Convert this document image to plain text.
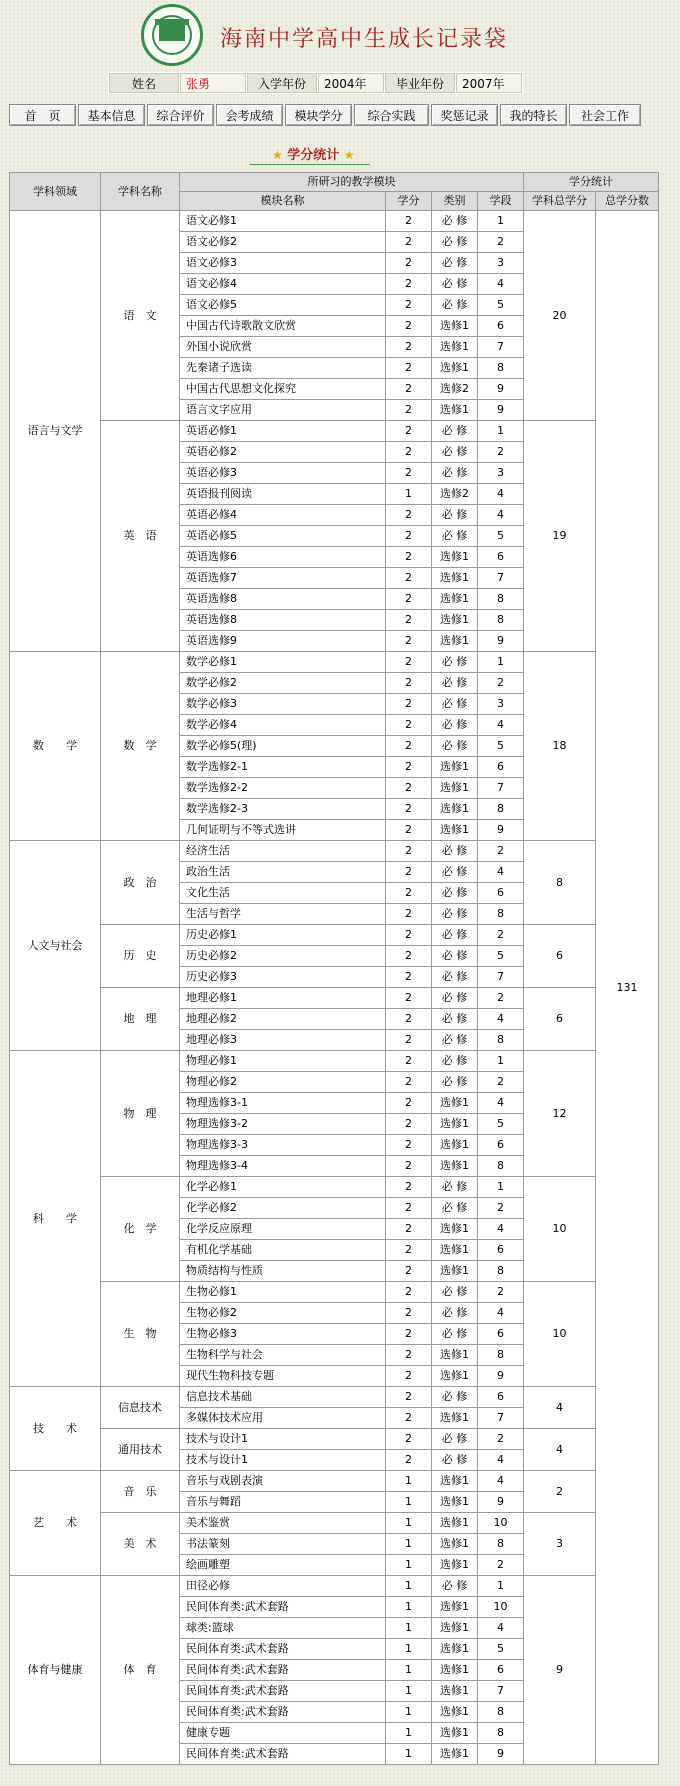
海南中学高中生成长记录袋
姓名	张勇	入学年份	2004年	毕业年份	2007年
首　页	基本信息	综合评价	会考成绩	模块学分	综合实践	奖惩记录	我的特长	社会工作
★ 学分统计 ★
学科领域	学科名称	所研习的教学模块				学分统计	
		模块名称	学分	类别	学段	学科总学分	总学分数
语言与文学	语　文	语文必修1	2	必 修	1	20	131
		语文必修2	2	必 修	2		
		语文必修3	2	必 修	3		
		语文必修4	2	必 修	4		
		语文必修5	2	必 修	5		
		中国古代诗歌散文欣赏	2	选修1	6		
		外国小说欣赏	2	选修1	7		
		先秦诸子选读	2	选修1	8		
		中国古代思想文化探究	2	选修2	9		
		语言文字应用	2	选修1	9		
	英　语	英语必修1	2	必 修	1	19	
		英语必修2	2	必 修	2		
		英语必修3	2	必 修	3		
		英语报刊阅读	1	选修2	4		
		英语必修4	2	必 修	4		
		英语必修5	2	必 修	5		
		英语选修6	2	选修1	6		
		英语选修7	2	选修1	7		
		英语选修8	2	选修1	8		
		英语选修8	2	选修1	8		
		英语选修9	2	选修1	9		
数　　学	数　学	数学必修1	2	必 修	1	18	
		数学必修2	2	必 修	2		
		数学必修3	2	必 修	3		
		数学必修4	2	必 修	4		
		数学必修5(理)	2	必 修	5		
		数学选修2-1	2	选修1	6		
		数学选修2-2	2	选修1	7		
		数学选修2-3	2	选修1	8		
		几何证明与不等式选讲	2	选修1	9		
人文与社会	政　治	经济生活	2	必 修	2	8	
		政治生活	2	必 修	4		
		文化生活	2	必 修	6		
		生活与哲学	2	必 修	8		
	历　史	历史必修1	2	必 修	2	6	
		历史必修2	2	必 修	5		
		历史必修3	2	必 修	7		
	地　理	地理必修1	2	必 修	2	6	
		地理必修2	2	必 修	4		
		地理必修3	2	必 修	8		
科　　学	物　理	物理必修1	2	必 修	1	12	
		物理必修2	2	必 修	2		
		物理选修3-1	2	选修1	4		
		物理选修3-2	2	选修1	5		
		物理选修3-3	2	选修1	6		
		物理选修3-4	2	选修1	8		
	化　学	化学必修1	2	必 修	1	10	
		化学必修2	2	必 修	2		
		化学反应原理	2	选修1	4		
		有机化学基础	2	选修1	6		
		物质结构与性质	2	选修1	8		
	生　物	生物必修1	2	必 修	2	10	
		生物必修2	2	必 修	4		
		生物必修3	2	必 修	6		
		生物科学与社会	2	选修1	8		
		现代生物科技专题	2	选修1	9		
技　　术	信息技术	信息技术基础	2	必 修	6	4	
		多媒体技术应用	2	选修1	7		
	通用技术	技术与设计1	2	必 修	2	4	
		技术与设计1	2	必 修	4		
艺　　术	音　乐	音乐与戏剧表演	1	选修1	4	2	
		音乐与舞蹈	1	选修1	9		
	美　术	美术鉴赏	1	选修1	10	3	
		书法篆刻	1	选修1	8		
		绘画雕塑	1	选修1	2		
体育与健康	体　育	田径必修	1	必 修	1	9	
		民间体育类:武术套路	1	选修1	10		
		球类:篮球	1	选修1	4		
		民间体育类:武术套路	1	选修1	5		
		民间体育类:武术套路	1	选修1	6		
		民间体育类:武术套路	1	选修1	7		
		民间体育类:武术套路	1	选修1	8		
		健康专题	1	选修1	8		
		民间体育类:武术套路	1	选修1	9		
